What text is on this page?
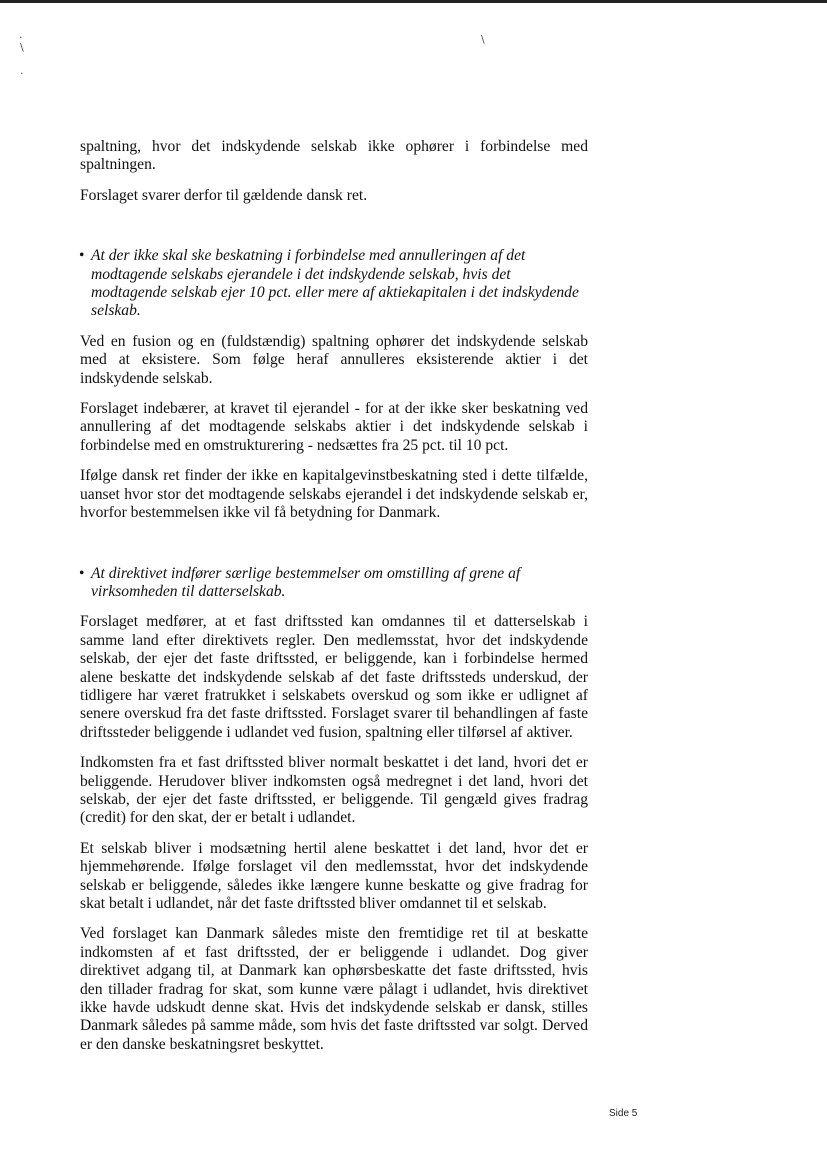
·
\
·
\

spaltning, hvor det indskydende selskab ikke ophører i forbindelse med spaltningen.

Forslaget svarer derfor til gældende dansk ret.

• At der ikke skal ske beskatning i forbindelse med annulleringen af det modtagende selskabs ejerandele i det indskydende selskab, hvis det modtagende selskab ejer 10 pct. eller mere af aktiekapitalen i det indskydende selskab.

Ved en fusion og en (fuldstændig) spaltning ophører det indskydende selskab med at eksistere. Som følge heraf annulleres eksisterende aktier i det indskydende selskab.

Forslaget indebærer, at kravet til ejerandel - for at der ikke sker beskatning ved annullering af det modtagende selskabs aktier i det indskydende selskab i forbindelse med en omstrukturering - nedsættes fra 25 pct. til 10 pct.

Ifølge dansk ret finder der ikke en kapitalgevinstbeskatning sted i dette tilfælde, uanset hvor stor det modtagende selskabs ejerandel i det indskydende selskab er, hvorfor bestemmelsen ikke vil få betydning for Danmark.

• At direktivet indfører særlige bestemmelser om omstilling af grene af virksomheden til datterselskab.

Forslaget medfører, at et fast driftssted kan omdannes til et datterselskab i samme land efter direktivets regler. Den medlemsstat, hvor det indskydende selskab, der ejer det faste driftssted, er beliggende, kan i forbindelse hermed alene beskatte det indskydende selskab af det faste driftssteds underskud, der tidligere har været fratrukket i selskabets overskud og som ikke er udlignet af senere overskud fra det faste driftssted. Forslaget svarer til behandlingen af faste driftssteder beliggende i udlandet ved fusion, spaltning eller tilførsel af aktiver.

Indkomsten fra et fast driftssted bliver normalt beskattet i det land, hvori det er beliggende. Herudover bliver indkomsten også medregnet i det land, hvori det selskab, der ejer det faste driftssted, er beliggende. Til gengæld gives fradrag (credit) for den skat, der er betalt i udlandet.

Et selskab bliver i modsætning hertil alene beskattet i det land, hvor det er hjemmehørende. Ifølge forslaget vil den medlemsstat, hvor det indskydende selskab er beliggende, således ikke længere kunne beskatte og give fradrag for skat betalt i udlandet, når det faste driftssted bliver omdannet til et selskab.

Ved forslaget kan Danmark således miste den fremtidige ret til at beskatte indkomsten af et fast driftssted, der er beliggende i udlandet. Dog giver direktivet adgang til, at Danmark kan ophørsbeskatte det faste driftssted, hvis den tillader fradrag for skat, som kunne være pålagt i udlandet, hvis direktivet ikke havde udskudt denne skat. Hvis det indskydende selskab er dansk, stilles Danmark således på samme måde, som hvis det faste driftssted var solgt. Derved er den danske beskatningsret beskyttet.

Side 5
